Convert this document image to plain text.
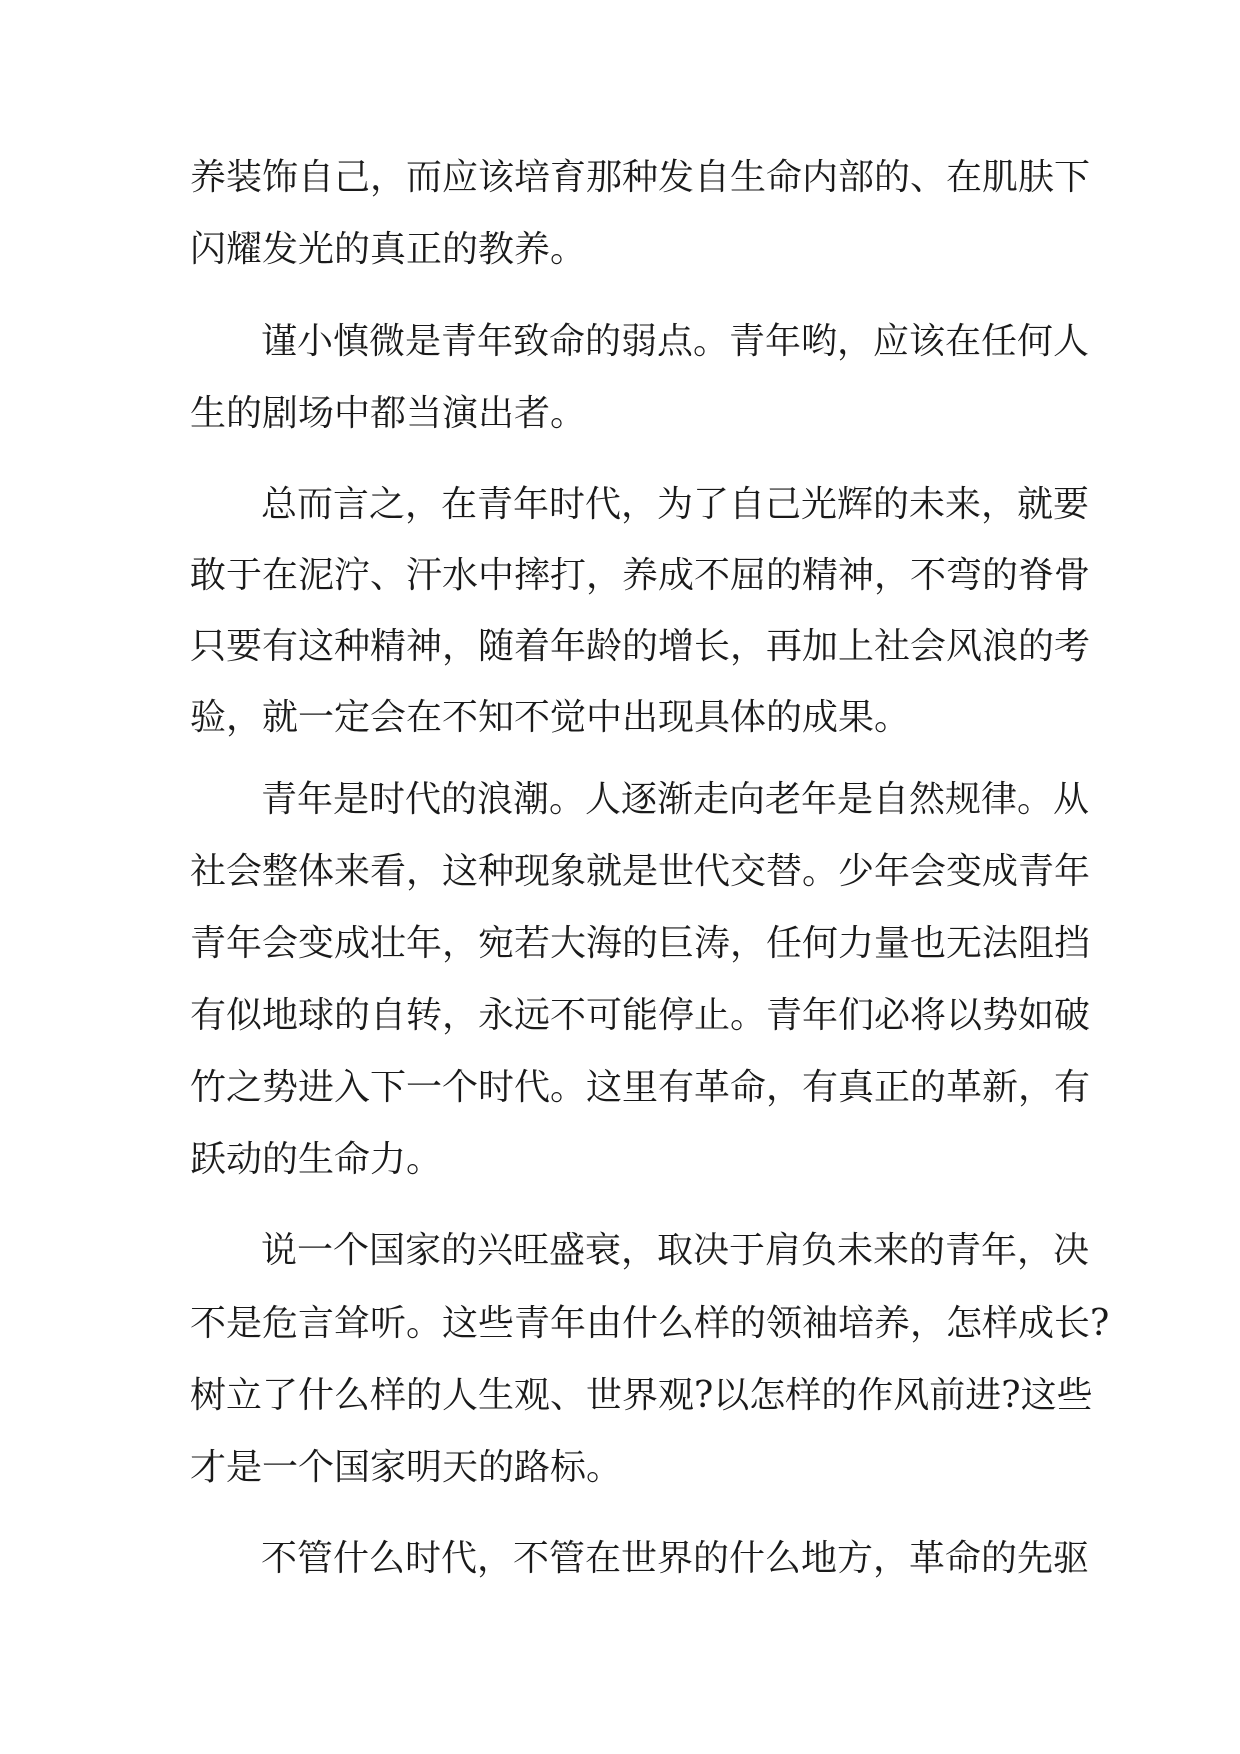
养装饰自己，而应该培育那种发自生命内部的、在肌肤下
闪耀发光的真正的教养。
谨小慎微是青年致命的弱点。青年哟，应该在任何人
生的剧场中都当演出者。
总而言之，在青年时代，为了自己光辉的未来，就要
敢于在泥泞、汗水中摔打，养成不屈的精神，不弯的脊骨
只要有这种精神，随着年龄的增长，再加上社会风浪的考
验，就一定会在不知不觉中出现具体的成果。
青年是时代的浪潮。人逐渐走向老年是自然规律。从
社会整体来看，这种现象就是世代交替。少年会变成青年
青年会变成壮年，宛若大海的巨涛，任何力量也无法阻挡
有似地球的自转，永远不可能停止。青年们必将以势如破
竹之势进入下一个时代。这里有革命，有真正的革新，有
跃动的生命力。
说一个国家的兴旺盛衰，取决于肩负未来的青年，决
不是危言耸听。这些青年由什么样的领袖培养，怎样成长?
树立了什么样的人生观、世界观?以怎样的作风前进?这些
才是一个国家明天的路标。
不管什么时代，不管在世界的什么地方，革命的先驱
